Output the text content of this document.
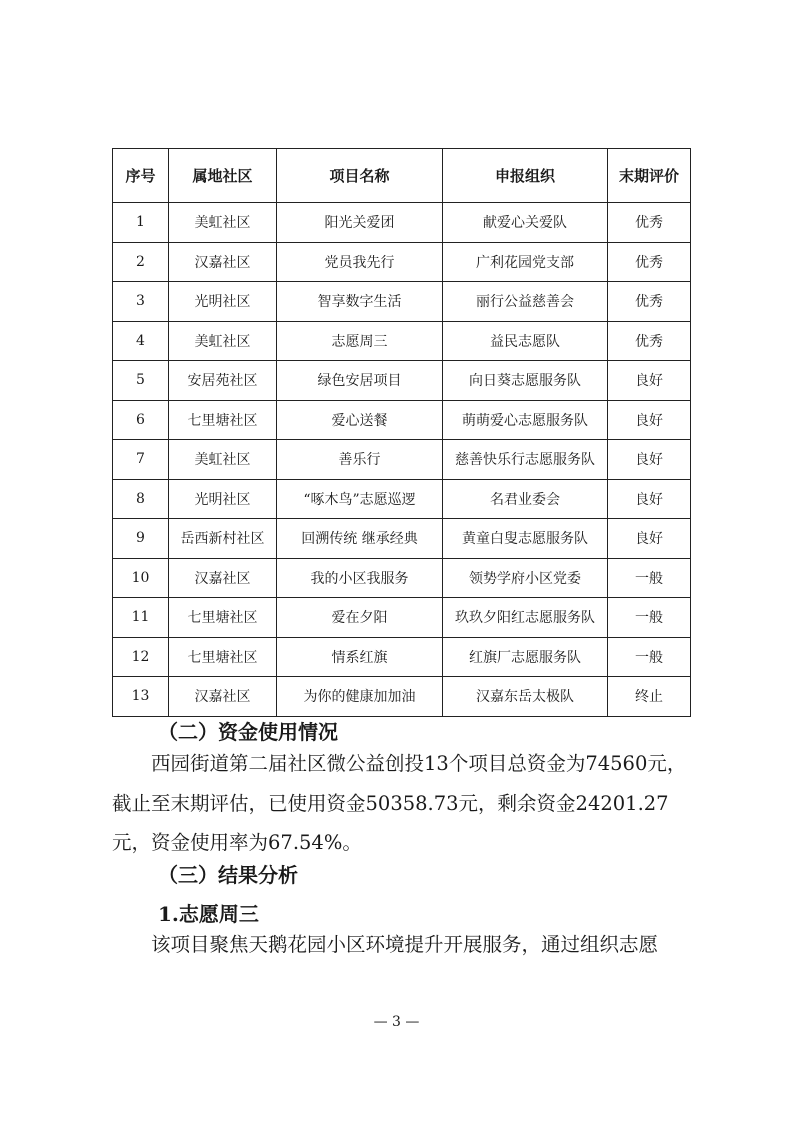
序号	属地社区	项目名称	申报组织	末期评价
1	美虹社区	阳光关爱团	献爱心关爱队	优秀
2	汉嘉社区	党员我先行	广利花园党支部	优秀
3	光明社区	智享数字生活	丽行公益慈善会	优秀
4	美虹社区	志愿周三	益民志愿队	优秀
5	安居苑社区	绿色安居项目	向日葵志愿服务队	良好
6	七里塘社区	爱心送餐	萌萌爱心志愿服务队	良好
7	美虹社区	善乐行	慈善快乐行志愿服务队	良好
8	光明社区	“啄木鸟”志愿巡逻	名君业委会	良好
9	岳西新村社区	回溯传统 继承经典	黄童白叟志愿服务队	良好
10	汉嘉社区	我的小区我服务	领势学府小区党委	一般
11	七里塘社区	爱在夕阳	玖玖夕阳红志愿服务队	一般
12	七里塘社区	情系红旗	红旗厂志愿服务队	一般
13	汉嘉社区	为你的健康加加油	汉嘉东岳太极队	终止
（二）资金使用情况

西园街道第二届社区微公益创投13个项目总资金为74560元，截止至末期评估，已使用资金50358.73元，剩余资金24201.27元，资金使用率为67.54%。

（三）结果分析
1.志愿周三

该项目聚焦天鹅花园小区环境提升开展服务，通过组织志愿

— 3 —
